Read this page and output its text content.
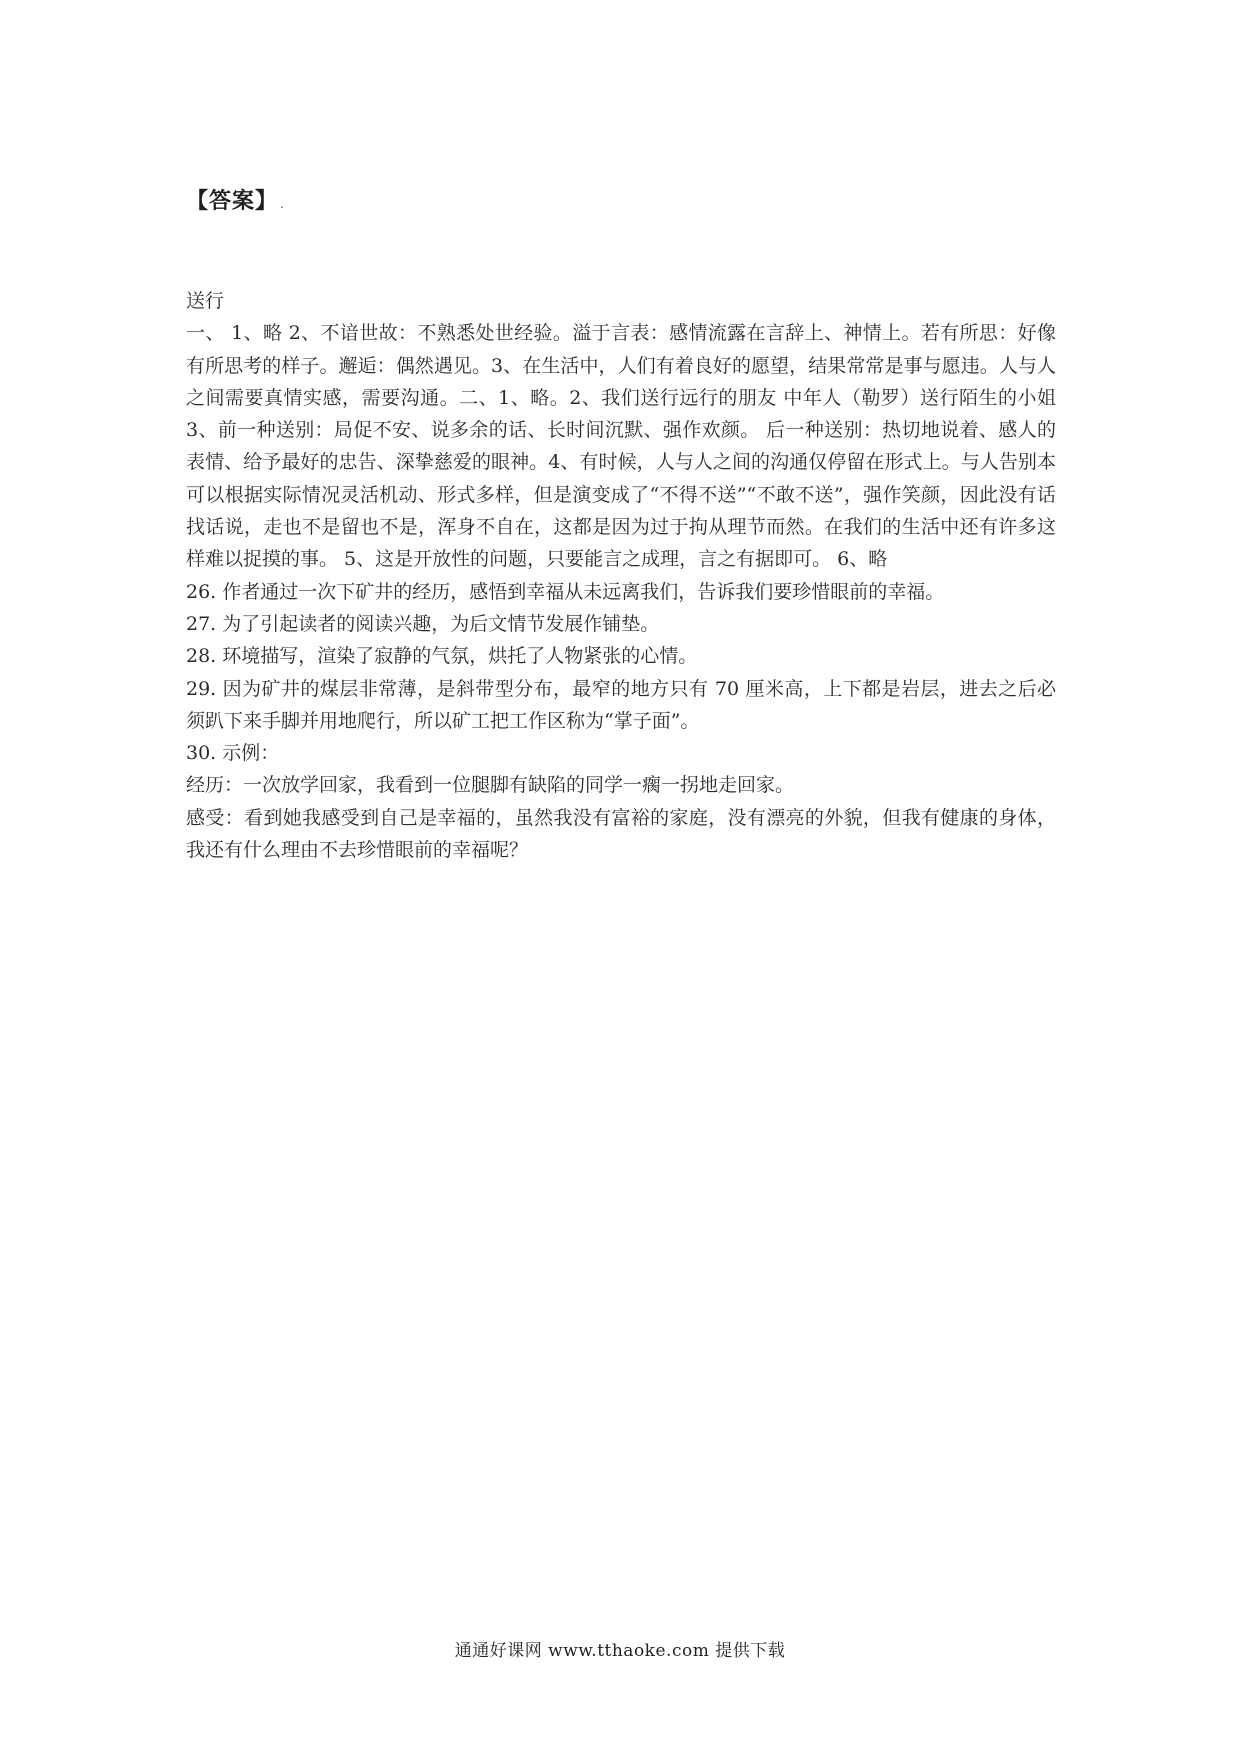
【答案】 .

送行

一、 1、略 2、不谙世故：不熟悉处世经验。溢于言表：感情流露在言辞上、神情上。若有所思：好像有所思考的样子。邂逅：偶然遇见。3、在生活中，人们有着良好的愿望，结果常常是事与愿违。人与人之间需要真情实感，需要沟通。二、1、略。2、我们送行远行的朋友 中年人（勒罗）送行陌生的小姐 3、前一种送别：局促不安、说多余的话、长时间沉默、强作欢颜。 后一种送别：热切地说着、感人的表情、给予最好的忠告、深挚慈爱的眼神。4、有时候，人与人之间的沟通仅停留在形式上。与人告别本可以根据实际情况灵活机动、形式多样，但是演变成了“不得不送”“不敢不送”，强作笑颜，因此没有话找话说，走也不是留也不是，浑身不自在，这都是因为过于拘从理节而然。在我们的生活中还有许多这样难以捉摸的事。 5、这是开放性的问题，只要能言之成理，言之有据即可。 6、略

26. 作者通过一次下矿井的经历，感悟到幸福从未远离我们，告诉我们要珍惜眼前的幸福。

27. 为了引起读者的阅读兴趣，为后文情节发展作铺垫。

28. 环境描写，渲染了寂静的气氛，烘托了人物紧张的心情。

29. 因为矿井的煤层非常薄，是斜带型分布，最窄的地方只有 70 厘米高，上下都是岩层，进去之后必须趴下来手脚并用地爬行，所以矿工把工作区称为“掌子面”。

30. 示例：

经历：一次放学回家，我看到一位腿脚有缺陷的同学一瘸一拐地走回家。

感受：看到她我感受到自己是幸福的，虽然我没有富裕的家庭，没有漂亮的外貌，但我有健康的身体，我还有什么理由不去珍惜眼前的幸福呢？

通通好课网 www.tthaoke.com 提供下载
